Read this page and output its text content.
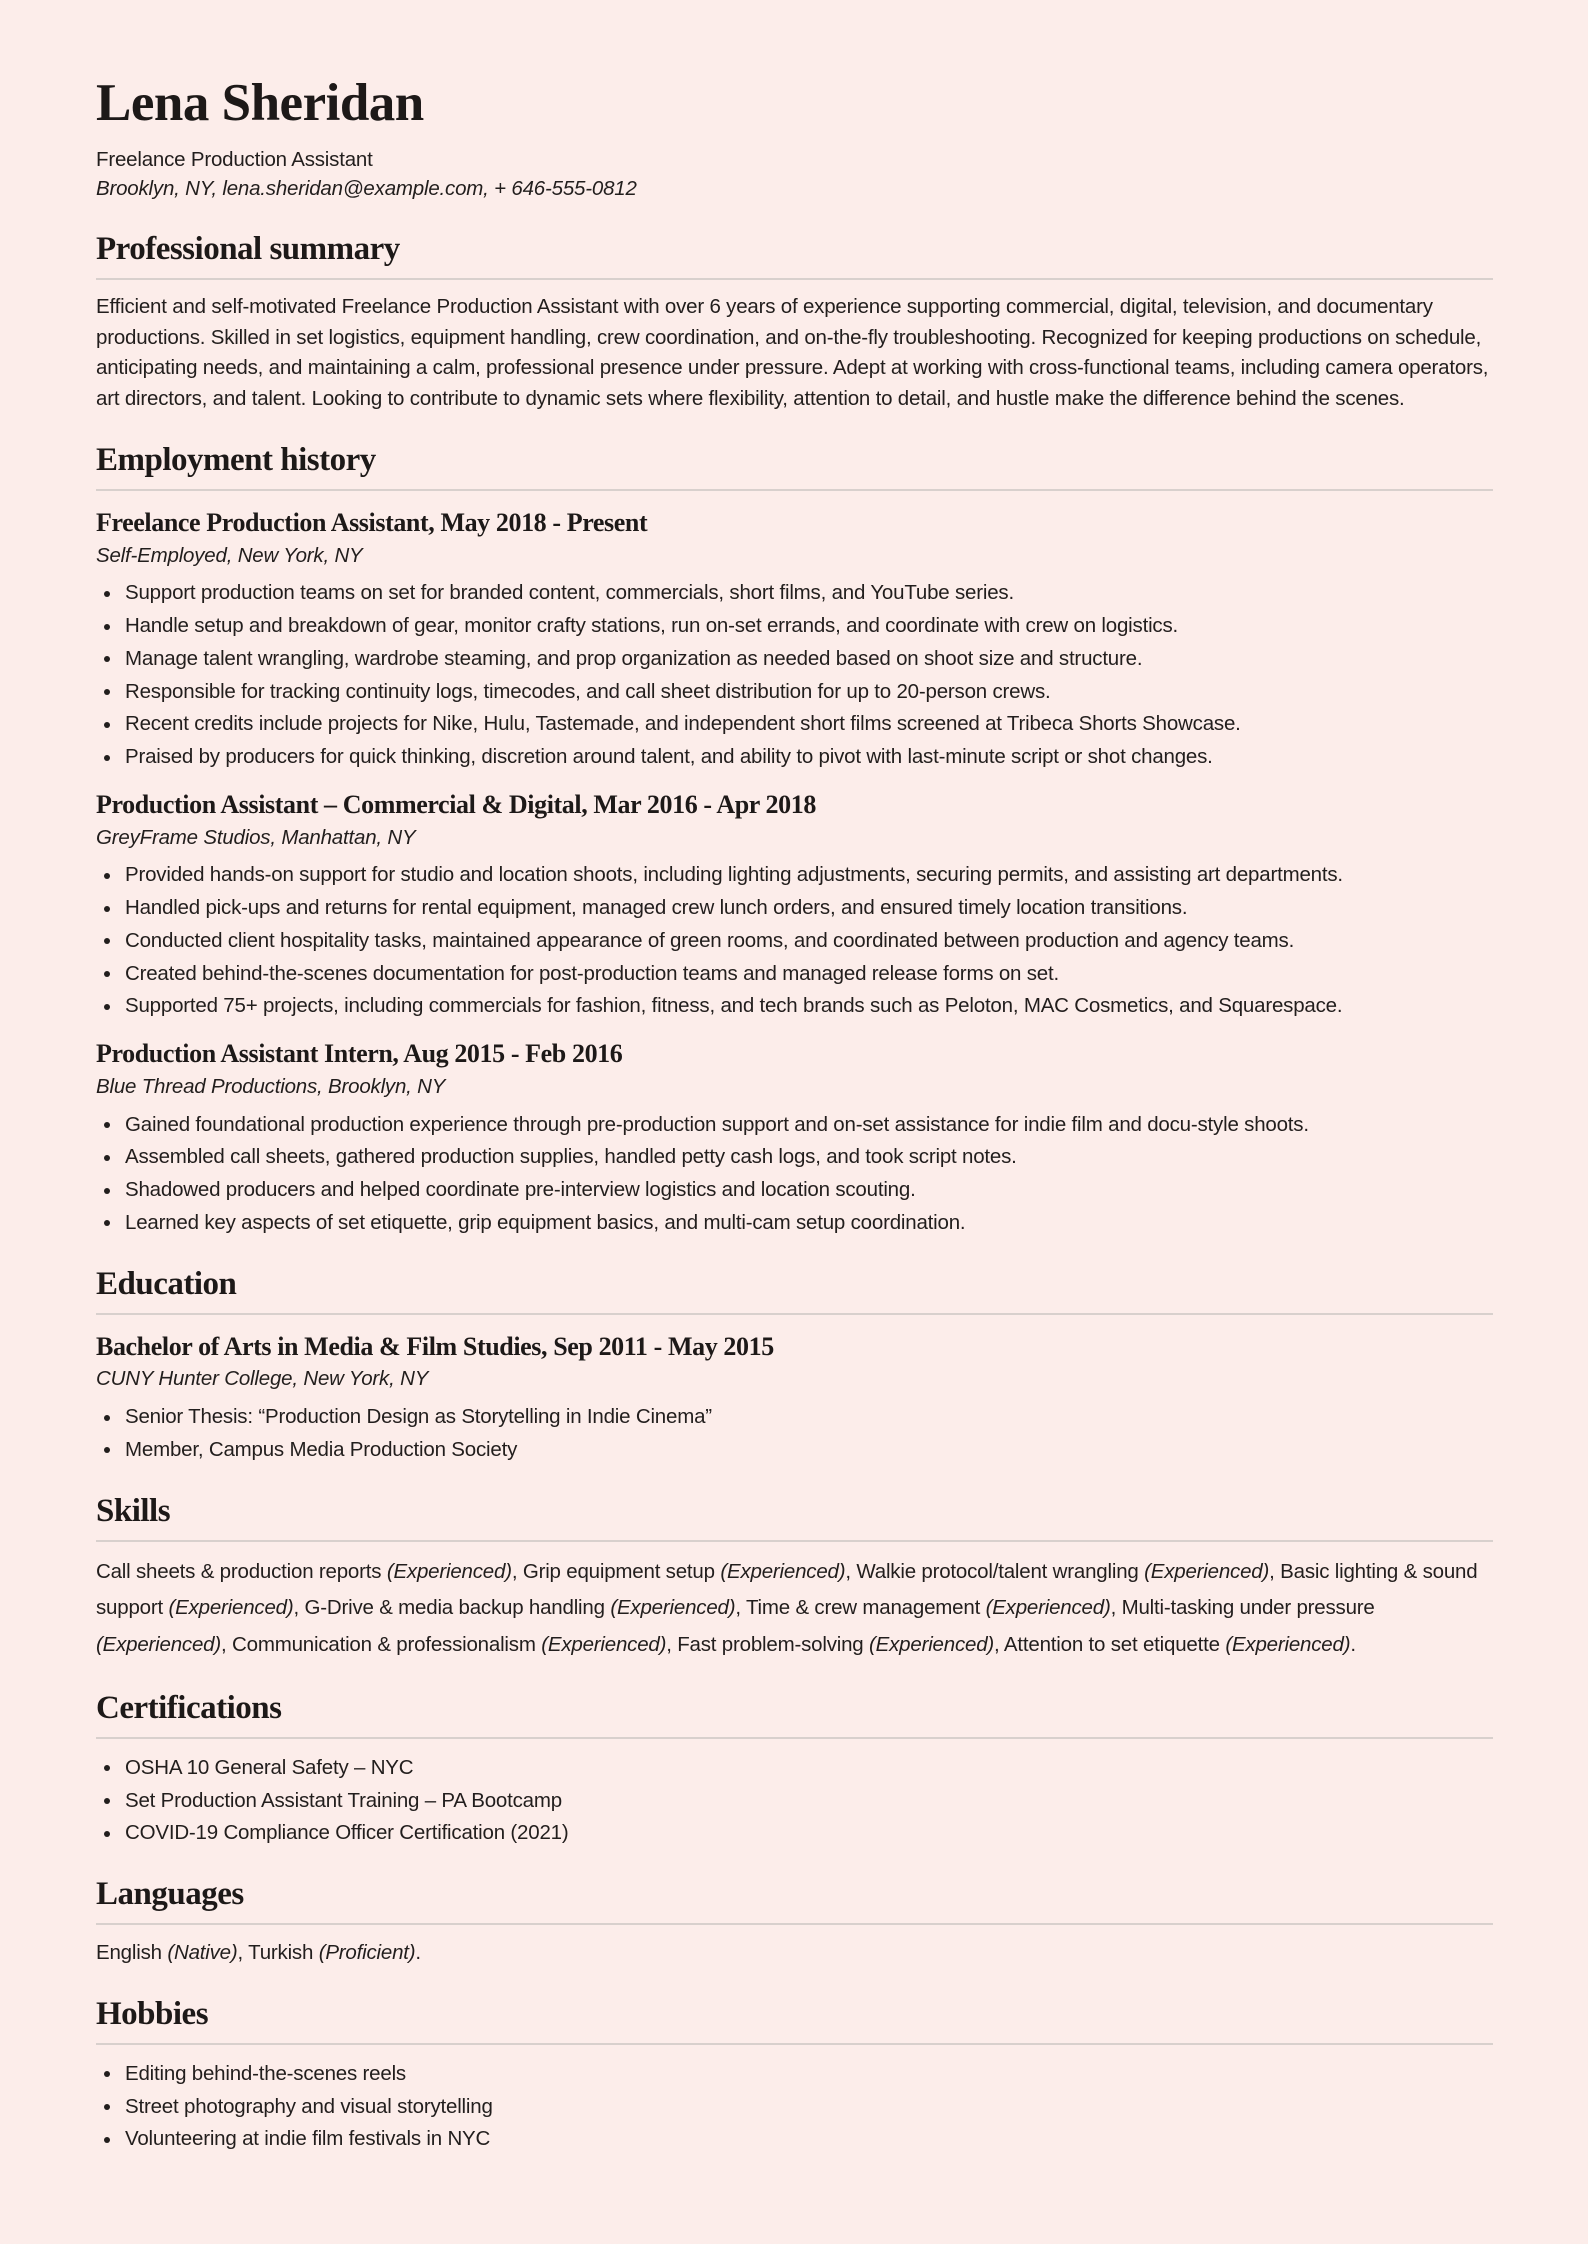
Lena Sheridan

Freelance Production Assistant

Brooklyn, NY, lena.sheridan@example.com, + 646-555-0812

Professional summary

Efficient and self-motivated Freelance Production Assistant with over 6 years of experience supporting commercial, digital, television, and documentary productions. Skilled in set logistics, equipment handling, crew coordination, and on-the-fly troubleshooting. Recognized for keeping productions on schedule, anticipating needs, and maintaining a calm, professional presence under pressure. Adept at working with cross-functional teams, including camera operators, art directors, and talent. Looking to contribute to dynamic sets where flexibility, attention to detail, and hustle make the difference behind the scenes.

Employment history
Freelance Production Assistant, May 2018 - Present

Self-Employed, New York, NY

Support production teams on set for branded content, commercials, short films, and YouTube series.
Handle setup and breakdown of gear, monitor crafty stations, run on-set errands, and coordinate with crew on logistics.
Manage talent wrangling, wardrobe steaming, and prop organization as needed based on shoot size and structure.
Responsible for tracking continuity logs, timecodes, and call sheet distribution for up to 20-person crews.
Recent credits include projects for Nike, Hulu, Tastemade, and independent short films screened at Tribeca Shorts Showcase.
Praised by producers for quick thinking, discretion around talent, and ability to pivot with last-minute script or shot changes.
Production Assistant – Commercial & Digital, Mar 2016 - Apr 2018

GreyFrame Studios, Manhattan, NY

Provided hands-on support for studio and location shoots, including lighting adjustments, securing permits, and assisting art departments.
Handled pick-ups and returns for rental equipment, managed crew lunch orders, and ensured timely location transitions.
Conducted client hospitality tasks, maintained appearance of green rooms, and coordinated between production and agency teams.
Created behind-the-scenes documentation for post-production teams and managed release forms on set.
Supported 75+ projects, including commercials for fashion, fitness, and tech brands such as Peloton, MAC Cosmetics, and Squarespace.
Production Assistant Intern, Aug 2015 - Feb 2016

Blue Thread Productions, Brooklyn, NY

Gained foundational production experience through pre-production support and on-set assistance for indie film and docu-style shoots.
Assembled call sheets, gathered production supplies, handled petty cash logs, and took script notes.
Shadowed producers and helped coordinate pre-interview logistics and location scouting.
Learned key aspects of set etiquette, grip equipment basics, and multi-cam setup coordination.
Education
Bachelor of Arts in Media & Film Studies, Sep 2011 - May 2015

CUNY Hunter College, New York, NY

Senior Thesis: “Production Design as Storytelling in Indie Cinema”
Member, Campus Media Production Society
Skills

Call sheets & production reports (Experienced), Grip equipment setup (Experienced), Walkie protocol/talent wrangling (Experienced), Basic lighting & sound support (Experienced), G-Drive & media backup handling (Experienced), Time & crew management (Experienced), Multi-tasking under pressure (Experienced), Communication & professionalism (Experienced), Fast problem-solving (Experienced), Attention to set etiquette (Experienced).

Certifications
OSHA 10 General Safety – NYC
Set Production Assistant Training – PA Bootcamp
COVID-19 Compliance Officer Certification (2021)
Languages

English (Native), Turkish (Proficient).

Hobbies
Editing behind-the-scenes reels
Street photography and visual storytelling
Volunteering at indie film festivals in NYC
